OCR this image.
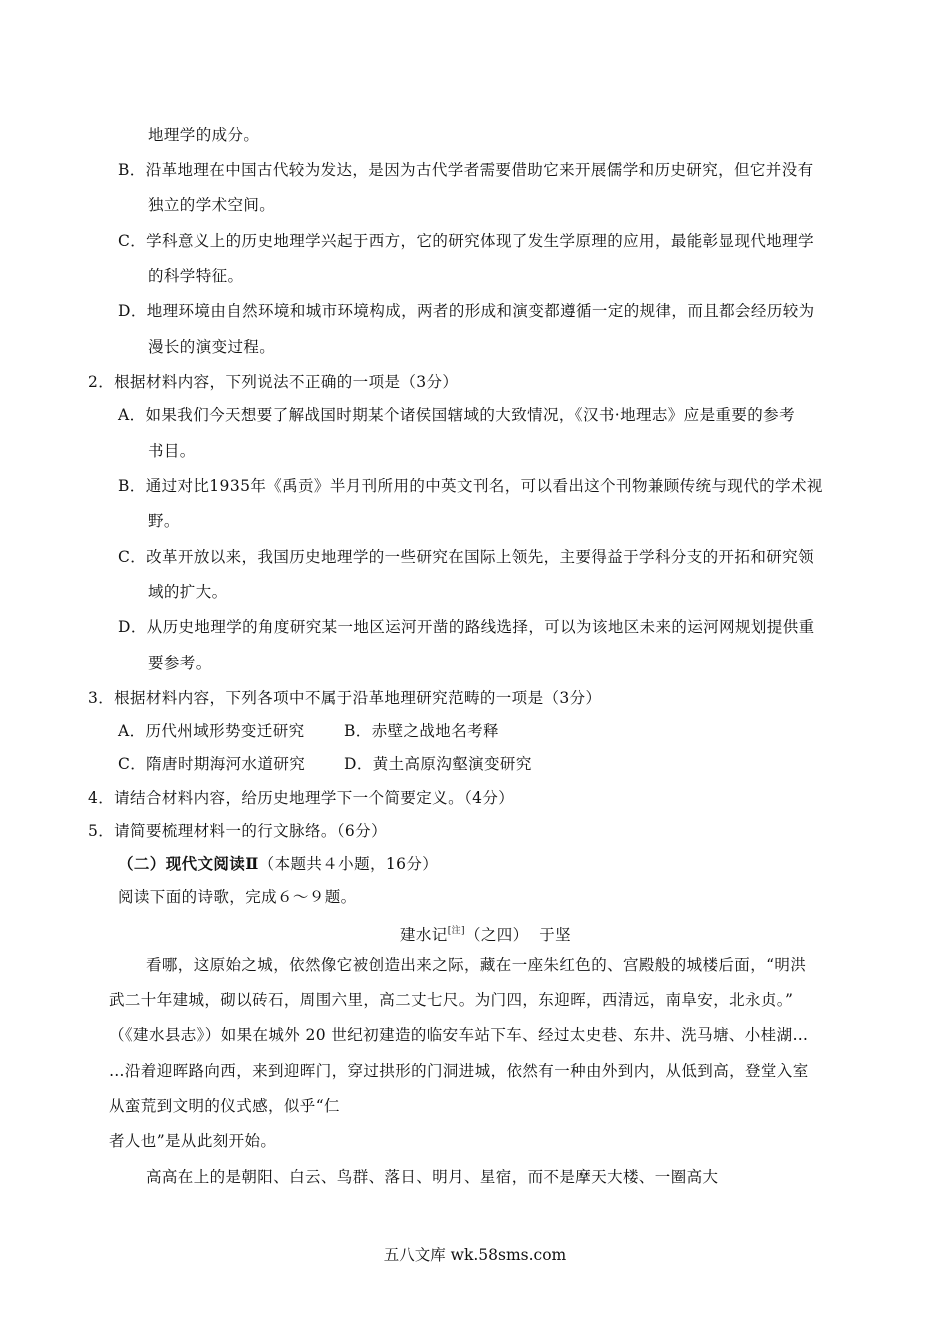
地理学的成分。
B．沿革地理在中国古代较为发达，是因为古代学者需要借助它来开展儒学和历史研究，但它并没有
独立的学术空间。
C．学科意义上的历史地理学兴起于西方，它的研究体现了发生学原理的应用，最能彰显现代地理学
的科学特征。
D．地理环境由自然环境和城市环境构成，两者的形成和演变都遵循一定的规律，而且都会经历较为
漫长的演变过程。
2．根据材料内容，下列说法不正确的一项是（3分）
A．如果我们今天想要了解战国时期某个诸侯国辖域的大致情况，《汉书·地理志》应是重要的参考
书目。
B．通过对比1935年《禹贡》半月刊所用的中英文刊名，可以看出这个刊物兼顾传统与现代的学术视
野。
C．改革开放以来，我国历史地理学的一些研究在国际上领先，主要得益于学科分支的开拓和研究领
域的扩大。
D．从历史地理学的角度研究某一地区运河开凿的路线选择，可以为该地区未来的运河网规划提供重
要参考。
3．根据材料内容，下列各项中不属于沿革地理研究范畴的一项是（3分）
A．历代州域形势变迁研究	B．赤壁之战地名考释
C．隋唐时期海河水道研究	D．黄土高原沟壑演变研究
4．请结合材料内容，给历史地理学下一个简要定义。（4分）
5．请简要梳理材料一的行文脉络。（6分）
（二）现代文阅读Ⅱ（本题共４小题，16分）
阅读下面的诗歌，完成６～９题。
建水记[注]（之四） 于坚
看哪，这原始之城，依然像它被创造出来之际，藏在一座朱红色的、宫殿般的城楼后面，“明洪
武二十年建城，砌以砖石，周围六里，高二丈七尺。为门四，东迎晖，西清远，南阜安，北永贞。”
（《建水县志》）如果在城外 20 世纪初建造的临安车站下车、经过太史巷、东井、洗马塘、小桂湖…
…沿着迎晖路向西，来到迎晖门，穿过拱形的门洞进城，依然有一种由外到内，从低到高，登堂入室
从蛮荒到文明的仪式感，似乎“仁
者人也”是从此刻开始。
高高在上的是朝阳、白云、鸟群、落日、明月、星宿，而不是摩天大楼、一圈高大
五八文库 wk.58sms.com
